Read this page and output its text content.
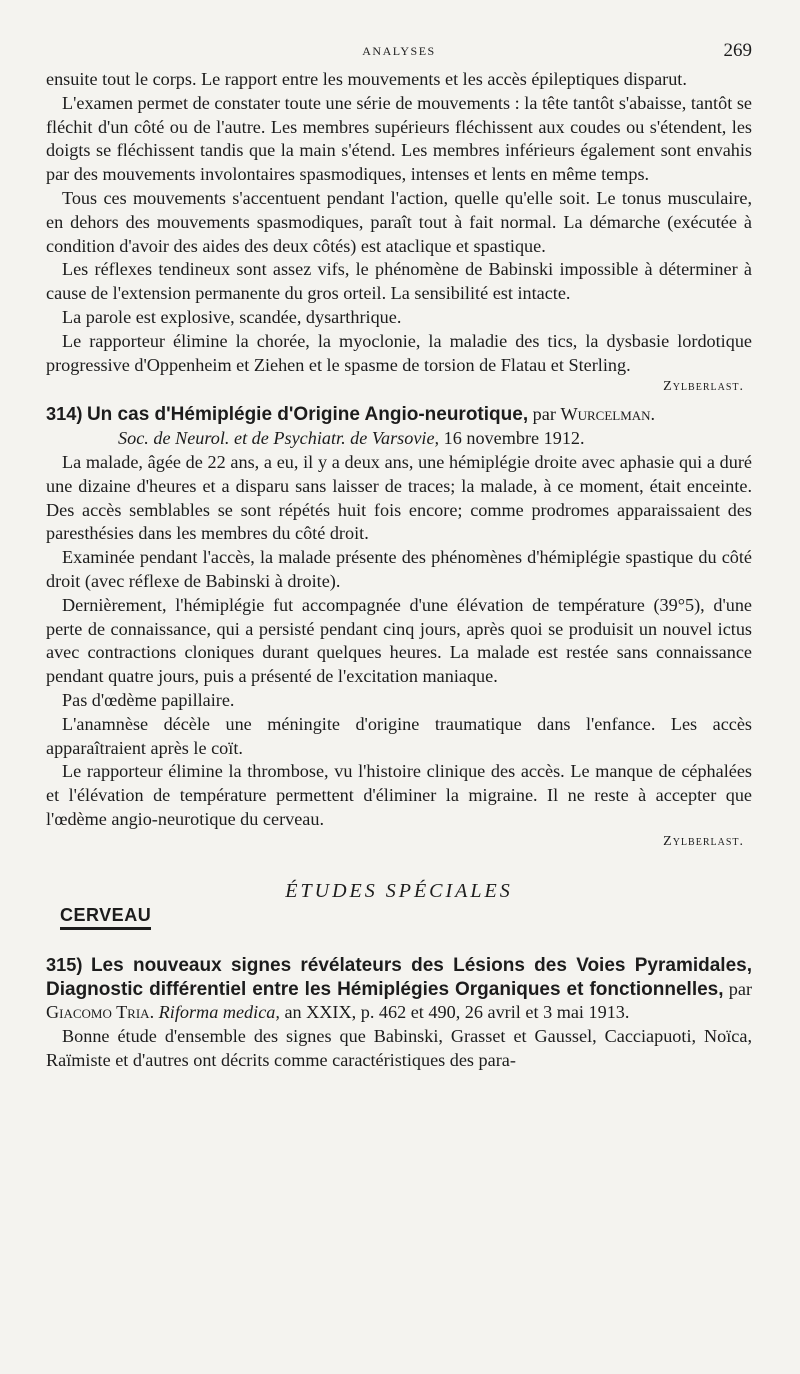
ANALYSES	269

ensuite tout le corps. Le rapport entre les mouvements et les accès épileptiques disparut.

L'examen permet de constater toute une série de mouvements : la tête tantôt s'abaisse, tantôt se fléchit d'un côté ou de l'autre. Les membres supérieurs fléchissent aux coudes ou s'étendent, les doigts se fléchissent tandis que la main s'étend. Les membres inférieurs également sont envahis par des mouvements involontaires spasmodiques, intenses et lents en même temps.

Tous ces mouvements s'accentuent pendant l'action, quelle qu'elle soit. Le tonus musculaire, en dehors des mouvements spasmodiques, paraît tout à fait normal. La démarche (exécutée à condition d'avoir des aides des deux côtés) est ataclique et spastique.

Les réflexes tendineux sont assez vifs, le phénomène de Babinski impossible à déterminer à cause de l'extension permanente du gros orteil. La sensibilité est intacte.

La parole est explosive, scandée, dysarthrique.

Le rapporteur élimine la chorée, la myoclonie, la maladie des tics, la dysbasie lordotique progressive d'Oppenheim et Ziehen et le spasme de torsion de Flatau et Sterling.

Zylberlast.
314) Un cas d'Hémiplégie d'Origine Angio-neurotique, par Wurcelman.
Soc. de Neurol. et de Psychiatr. de Varsovie, 16 novembre 1912.

La malade, âgée de 22 ans, a eu, il y a deux ans, une hémiplégie droite avec aphasie qui a duré une dizaine d'heures et a disparu sans laisser de traces; la malade, à ce moment, était enceinte. Des accès semblables se sont répétés huit fois encore; comme prodromes apparaissaient des paresthésies dans les membres du côté droit.

Examinée pendant l'accès, la malade présente des phénomènes d'hémiplégie spastique du côté droit (avec réflexe de Babinski à droite).

Dernièrement, l'hémiplégie fut accompagnée d'une élévation de température (39°5), d'une perte de connaissance, qui a persisté pendant cinq jours, après quoi se produisit un nouvel ictus avec contractions cloniques durant quelques heures. La malade est restée sans connaissance pendant quatre jours, puis a présenté de l'excitation maniaque.

Pas d'œdème papillaire.

L'anamnèse décèle une méningite d'origine traumatique dans l'enfance. Les accès apparaîtraient après le coït.

Le rapporteur élimine la thrombose, vu l'histoire clinique des accès. Le manque de céphalées et l'élévation de température permettent d'éliminer la migraine. Il ne reste à accepter que l'œdème angio-neurotique du cerveau.

Zylberlast.
ÉTUDES SPÉCIALES
CERVEAU
315) Les nouveaux signes révélateurs des Lésions des Voies Pyramidales, Diagnostic différentiel entre les Hémiplégies Organiques et fonctionnelles, par Giacomo Tria. Riforma medica, an XXIX, p. 462 et 490, 26 avril et 3 mai 1913.

Bonne étude d'ensemble des signes que Babinski, Grasset et Gaussel, Cacciapuoti, Noïca, Raïmiste et d'autres ont décrits comme caractéristiques des para-
